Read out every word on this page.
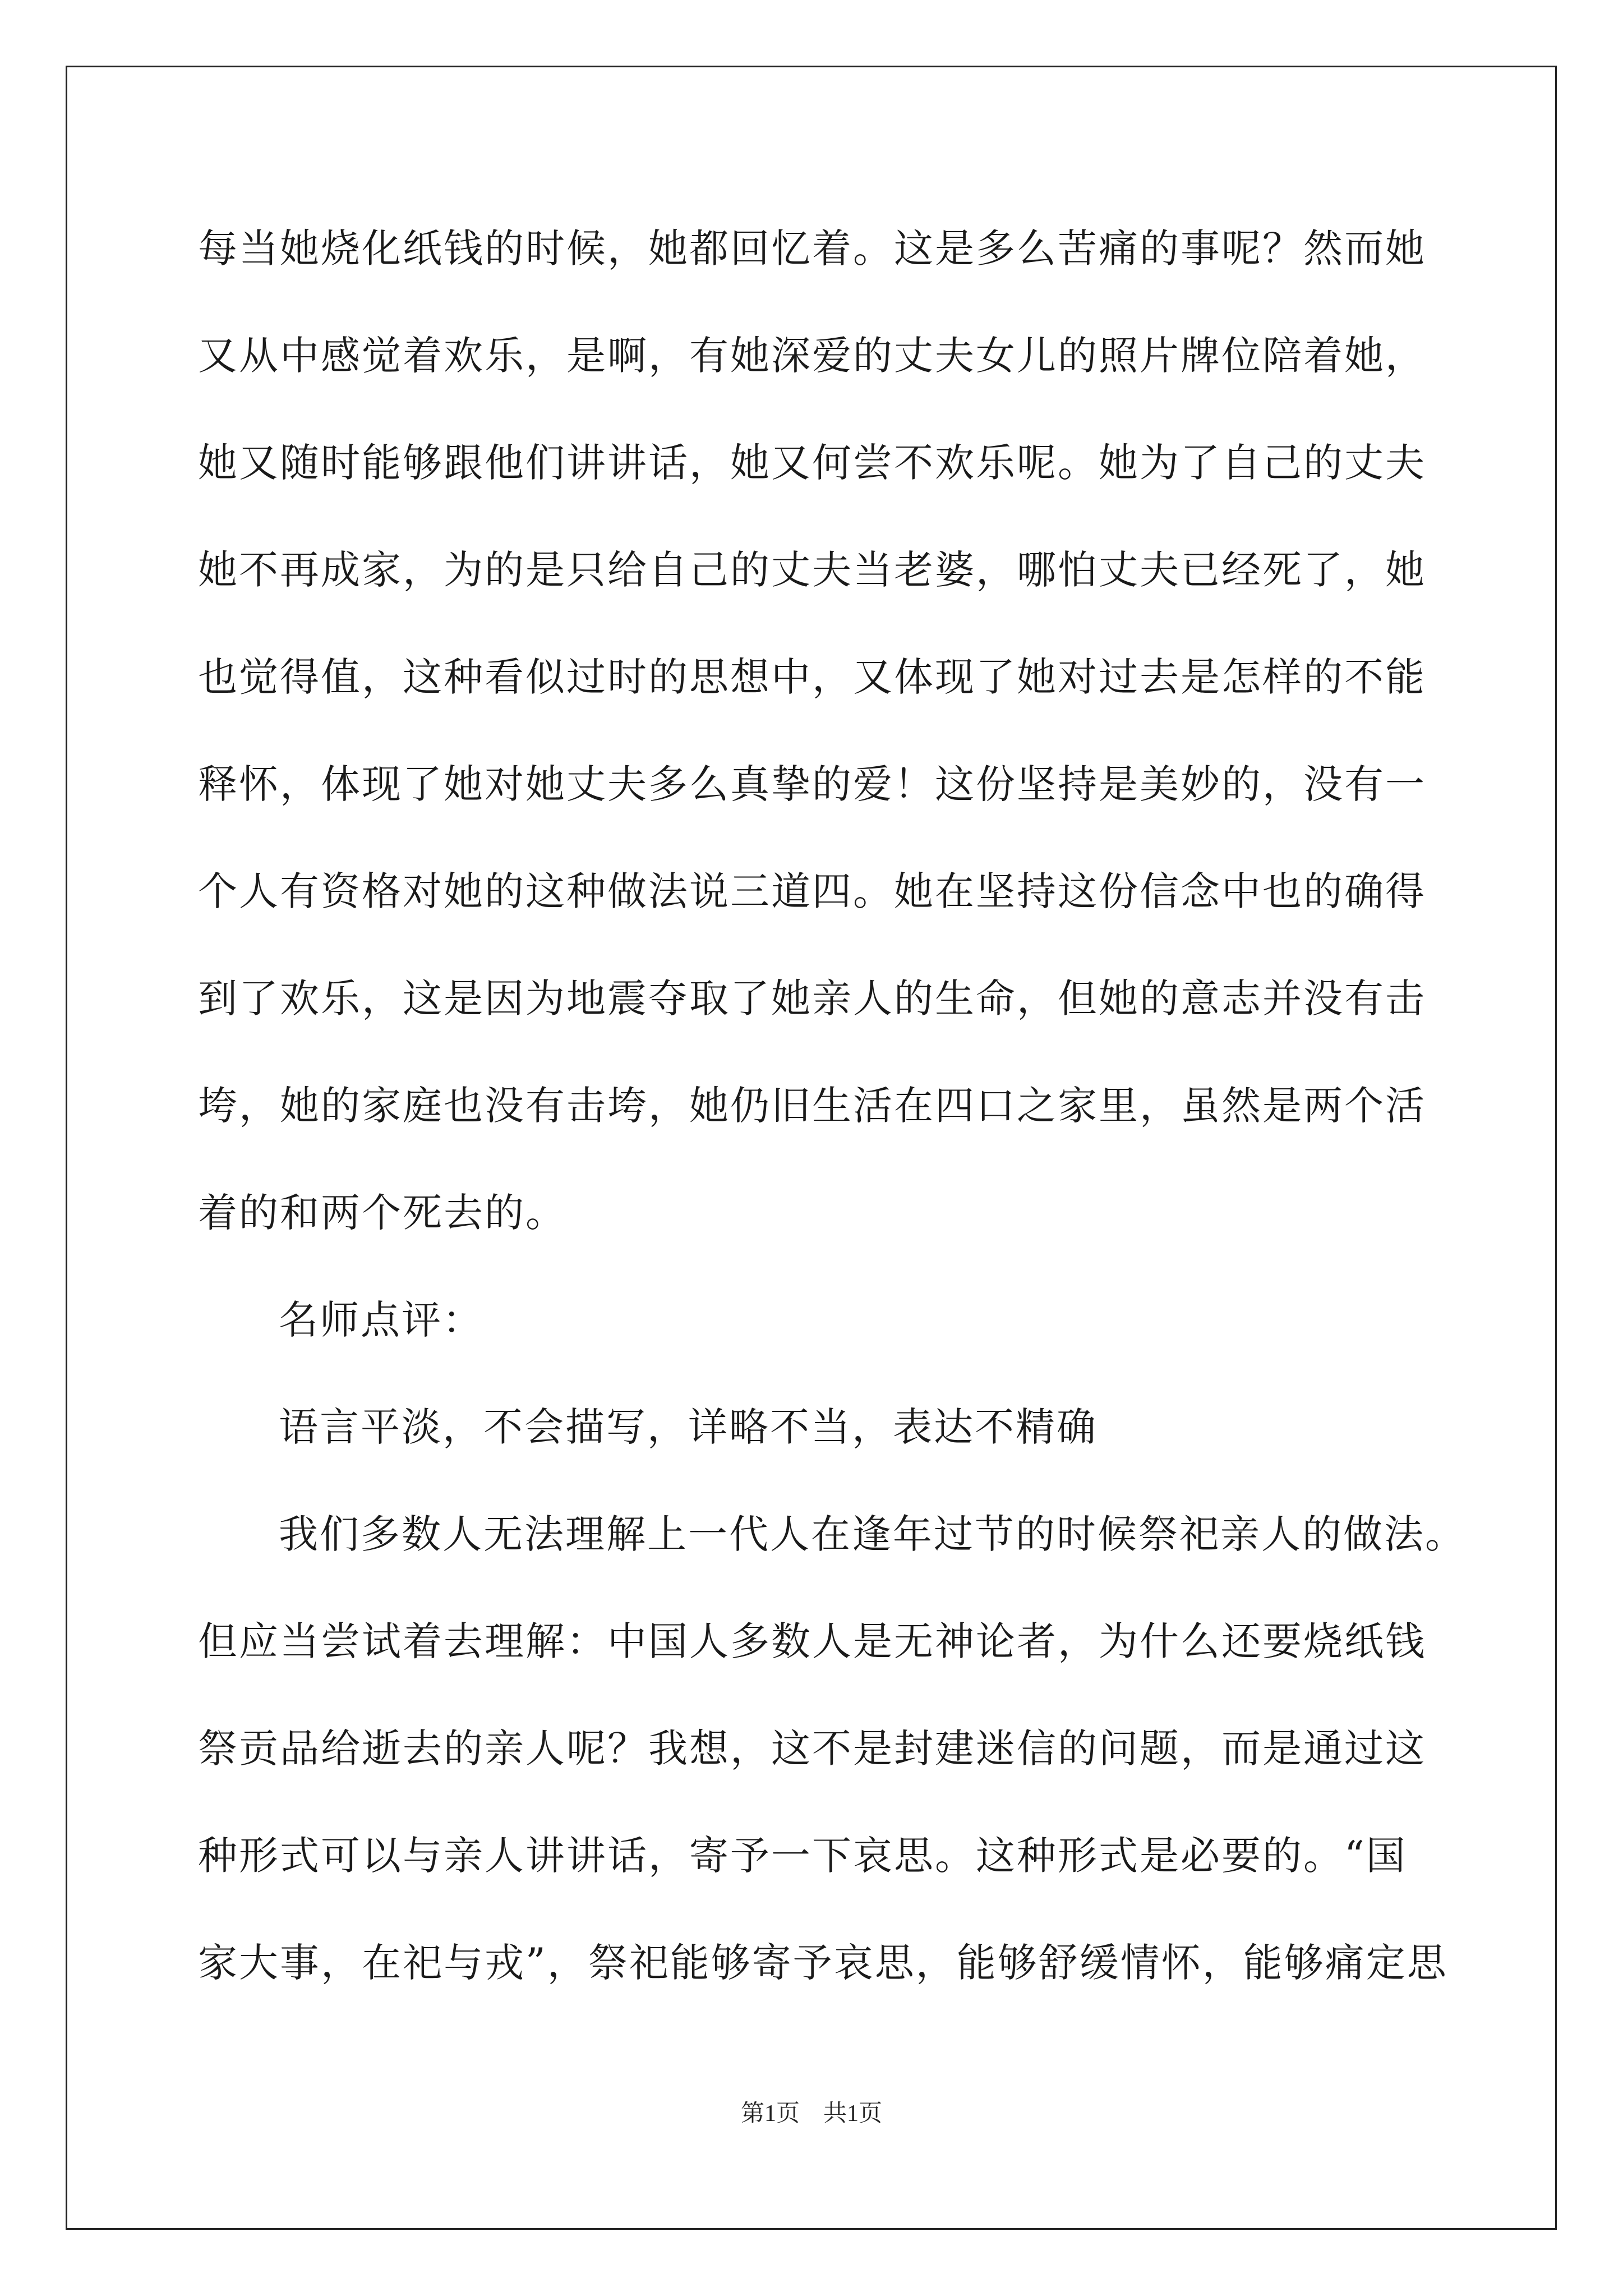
每当她烧化纸钱的时候，她都回忆着。这是多么苦痛的事呢？然而她
又从中感觉着欢乐，是啊，有她深爱的丈夫女儿的照片牌位陪着她，
她又随时能够跟他们讲讲话，她又何尝不欢乐呢。她为了自己的丈夫
她不再成家，为的是只给自己的丈夫当老婆，哪怕丈夫已经死了，她
也觉得值，这种看似过时的思想中，又体现了她对过去是怎样的不能
释怀，体现了她对她丈夫多么真挚的爱！这份坚持是美妙的，没有一
个人有资格对她的这种做法说三道四。她在坚持这份信念中也的确得
到了欢乐，这是因为地震夺取了她亲人的生命，但她的意志并没有击
垮，她的家庭也没有击垮，她仍旧生活在四口之家里，虽然是两个活
着的和两个死去的。
名师点评：
语言平淡，不会描写，详略不当，表达不精确
我们多数人无法理解上一代人在逢年过节的时候祭祀亲人的做法。
但应当尝试着去理解：中国人多数人是无神论者，为什么还要烧纸钱
祭贡品给逝去的亲人呢？我想，这不是封建迷信的问题，而是通过这
种形式可以与亲人讲讲话，寄予一下哀思。这种形式是必要的。“国
家大事，在祀与戎”，祭祀能够寄予哀思，能够舒缓情怀，能够痛定思
第1页　共1页
